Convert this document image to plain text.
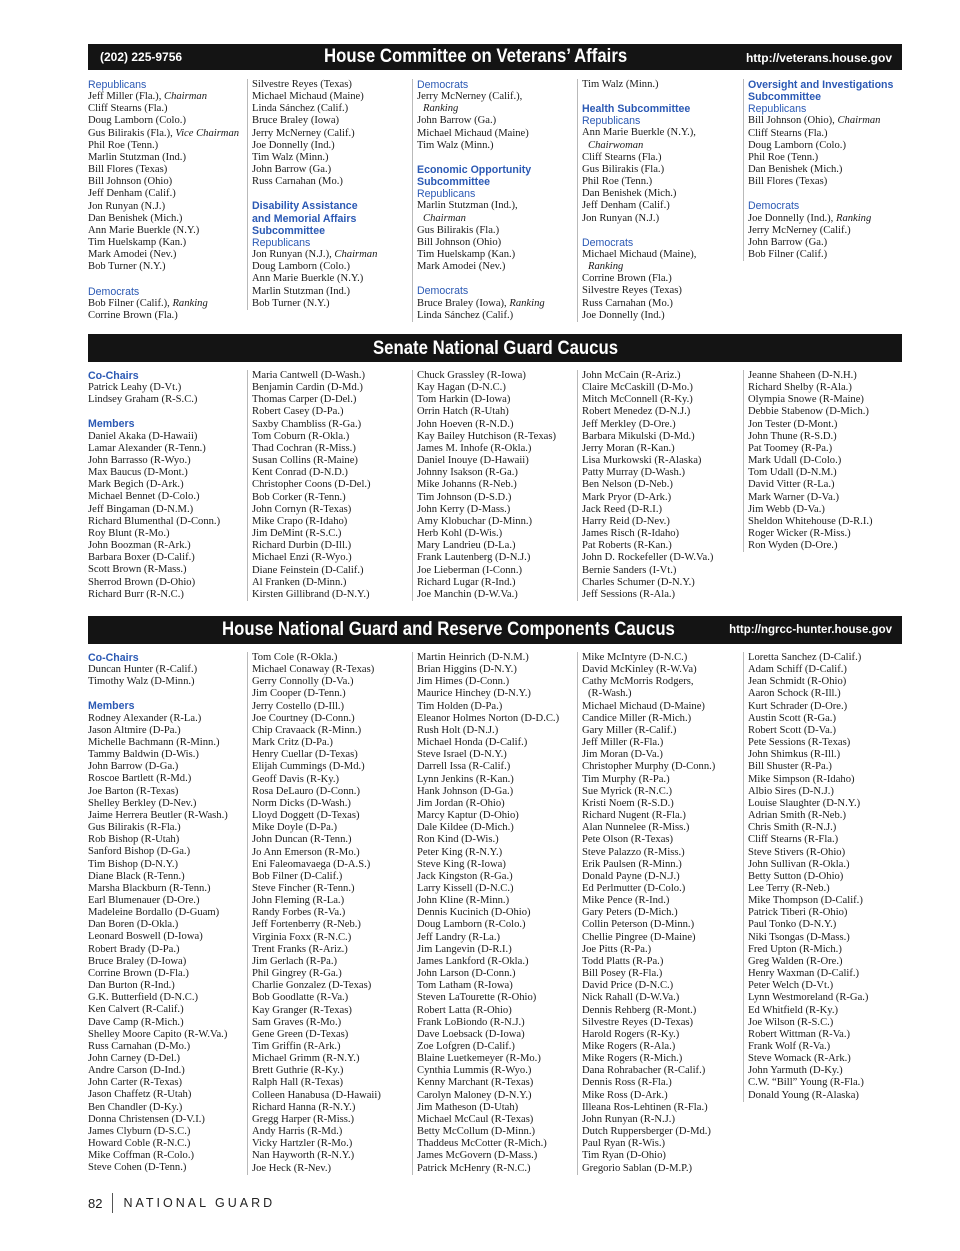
(202) 225-9756	House Committee on Veterans’ Affairs	http://veterans.house.gov
Republicans
Jeff Miller (Fla.), Chairman
Cliff Stearns (Fla.)
Doug Lamborn (Colo.)
Gus Bilirakis (Fla.), Vice Chairman
Phil Roe (Tenn.)
Marlin Stutzman (Ind.)
Bill Flores (Texas)
Bill Johnson (Ohio)
Jeff Denham (Calif.)
Jon Runyan (N.J.)
Dan Benishek (Mich.)
Ann Marie Buerkle (N.Y.)
Tim Huelskamp (Kan.)
Mark Amodei (Nev.)
Bob Turner (N.Y.)
Democrats
Bob Filner (Calif.), Ranking
Corrine Brown (Fla.)
Silvestre Reyes (Texas)
Michael Michaud (Maine)
Linda Sánchez (Calif.)
Bruce Braley (Iowa)
Jerry McNerney (Calif.)
Joe Donnelly (Ind.)
Tim Walz (Minn.)
John Barrow (Ga.)
Russ Carnahan (Mo.)
Disability Assistance
and Memorial Affairs
Subcommittee
Republicans
Jon Runyan (N.J.), Chairman
Doug Lamborn (Colo.)
Ann Marie Buerkle (N.Y.)
Marlin Stutzman (Ind.)
Bob Turner (N.Y.)
Democrats
Jerry McNerney (Calif.),
Ranking
John Barrow (Ga.)
Michael Michaud (Maine)
Tim Walz (Minn.)
Economic Opportunity
Subcommittee
Republicans
Marlin Stutzman (Ind.),
Chairman
Gus Bilirakis (Fla.)
Bill Johnson (Ohio)
Tim Huelskamp (Kan.)
Mark Amodei (Nev.)
Democrats
Bruce Braley (Iowa), Ranking
Linda Sánchez (Calif.)
Tim Walz (Minn.)
Health Subcommittee
Republicans
Ann Marie Buerkle (N.Y.),
Chairwoman
Cliff Stearns (Fla.)
Gus Bilirakis (Fla.)
Phil Roe (Tenn.)
Dan Benishek (Mich.)
Jeff Denham (Calif.)
Jon Runyan (N.J.)
Democrats
Michael Michaud (Maine),
Ranking
Corrine Brown (Fla.)
Silvestre Reyes (Texas)
Russ Carnahan (Mo.)
Joe Donnelly (Ind.)
Oversight and Investigations
Subcommittee
Republicans
Bill Johnson (Ohio), Chairman
Cliff Stearns (Fla.)
Doug Lamborn (Colo.)
Phil Roe (Tenn.)
Dan Benishek (Mich.)
Bill Flores (Texas)
Democrats
Joe Donnelly (Ind.), Ranking
Jerry McNerney (Calif.)
John Barrow (Ga.)
Bob Filner (Calif.)
Senate National Guard Caucus
Co-Chairs
Patrick Leahy (D-Vt.)
Lindsey Graham (R-S.C.)
Members
Daniel Akaka (D-Hawaii)
Lamar Alexander (R-Tenn.)
John Barrasso (R-Wyo.)
Max Baucus (D-Mont.)
Mark Begich (D-Ark.)
Michael Bennet (D-Colo.)
Jeff Bingaman (D-N.M.)
Richard Blumenthal (D-Conn.)
Roy Blunt (R-Mo.)
John Boozman (R-Ark.)
Barbara Boxer (D-Calif.)
Scott Brown (R-Mass.)
Sherrod Brown (D-Ohio)
Richard Burr (R-N.C.)
Maria Cantwell (D-Wash.)
Benjamin Cardin (D-Md.)
Thomas Carper (D-Del.)
Robert Casey (D-Pa.)
Saxby Chambliss (R-Ga.)
Tom Coburn (R-Okla.)
Thad Cochran (R-Miss.)
Susan Collins (R-Maine)
Kent Conrad (D-N.D.)
Christopher Coons (D-Del.)
Bob Corker (R-Tenn.)
John Cornyn (R-Texas)
Mike Crapo (R-Idaho)
Jim DeMint (R-S.C.)
Richard Durbin (D-Ill.)
Michael Enzi (R-Wyo.)
Diane Feinstein (D-Calif.)
Al Franken (D-Minn.)
Kirsten Gillibrand (D-N.Y.)
Chuck Grassley (R-Iowa)
Kay Hagan (D-N.C.)
Tom Harkin (D-Iowa)
Orrin Hatch (R-Utah)
John Hoeven (R-N.D.)
Kay Bailey Hutchison (R-Texas)
James M. Inhofe (R-Okla.)
Daniel Inouye (D-Hawaii)
Johnny Isakson (R-Ga.)
Mike Johanns (R-Neb.)
Tim Johnson (D-S.D.)
John Kerry (D-Mass.)
Amy Klobuchar (D-Minn.)
Herb Kohl (D-Wis.)
Mary Landrieu (D-La.)
Frank Lautenberg (D-N.J.)
Joe Lieberman (I-Conn.)
Richard Lugar (R-Ind.)
Joe Manchin (D-W.Va.)
John McCain (R-Ariz.)
Claire McCaskill (D-Mo.)
Mitch McConnell (R-Ky.)
Robert Menedez (D-N.J.)
Jeff Merkley (D-Ore.)
Barbara Mikulski (D-Md.)
Jerry Moran (R-Kan.)
Lisa Murkowski (R-Alaska)
Patty Murray (D-Wash.)
Ben Nelson (D-Neb.)
Mark Pryor (D-Ark.)
Jack Reed (D-R.I.)
Harry Reid (D-Nev.)
James Risch (R-Idaho)
Pat Roberts (R-Kan.)
John D. Rockefeller (D-W.Va.)
Bernie Sanders (I-Vt.)
Charles Schumer (D-N.Y.)
Jeff Sessions (R-Ala.)
Jeanne Shaheen (D-N.H.)
Richard Shelby (R-Ala.)
Olympia Snowe (R-Maine)
Debbie Stabenow (D-Mich.)
Jon Tester (D-Mont.)
John Thune (R-S.D.)
Pat Toomey (R-Pa.)
Mark Udall (D-Colo.)
Tom Udall (D-N.M.)
David Vitter (R-La.)
Mark Warner (D-Va.)
Jim Webb (D-Va.)
Sheldon Whitehouse (D-R.I.)
Roger Wicker (R-Miss.)
Ron Wyden (D-Ore.)
House National Guard and Reserve Components Caucus	http://ngrcc-hunter.house.gov
Co-Chairs
Duncan Hunter (R-Calif.)
Timothy Walz (D-Minn.)
Members
Rodney Alexander (R-La.)
Jason Altmire (D-Pa.)
Michelle Bachmann (R-Minn.)
Tammy Baldwin (D-Wis.)
John Barrow (D-Ga.)
Roscoe Bartlett (R-Md.)
Joe Barton (R-Texas)
Shelley Berkley (D-Nev.)
Jaime Herrera Beutler (R-Wash.)
Gus Bilirakis (R-Fla.)
Rob Bishop (R-Utah)
Sanford Bishop (D-Ga.)
Tim Bishop (D-N.Y.)
Diane Black (R-Tenn.)
Marsha Blackburn (R-Tenn.)
Earl Blumenauer (D-Ore.)
Madeleine Bordallo (D-Guam)
Dan Boren (D-Okla.)
Leonard Boswell (D-Iowa)
Robert Brady (D-Pa.)
Bruce Braley (D-Iowa)
Corrine Brown (D-Fla.)
Dan Burton (R-Ind.)
G.K. Butterfield (D-N.C.)
Ken Calvert (R-Calif.)
Dave Camp (R-Mich.)
Shelley Moore Capito (R-W.Va.)
Russ Carnahan (D-Mo.)
John Carney (D-Del.)
Andre Carson (D-Ind.)
John Carter (R-Texas)
Jason Chaffetz (R-Utah)
Ben Chandler (D-Ky.)
Donna Christensen (D-V.I.)
James Clyburn (D-S.C.)
Howard Coble (R-N.C.)
Mike Coffman (R-Colo.)
Steve Cohen (D-Tenn.)
Tom Cole (R-Okla.)
Michael Conaway (R-Texas)
Gerry Connolly (D-Va.)
Jim Cooper (D-Tenn.)
Jerry Costello (D-Ill.)
Joe Courtney (D-Conn.)
Chip Cravaack (R-Minn.)
Mark Critz (D-Pa.)
Henry Cuellar (D-Texas)
Elijah Cummings (D-Md.)
Geoff Davis (R-Ky.)
Rosa DeLauro (D-Conn.)
Norm Dicks (D-Wash.)
Lloyd Doggett (D-Texas)
Mike Doyle (D-Pa.)
John Duncan (R-Tenn.)
Jo Ann Emerson (R-Mo.)
Eni Faleomavaega (D-A.S.)
Bob Filner (D-Calif.)
Steve Fincher (R-Tenn.)
John Fleming (R-La.)
Randy Forbes (R-Va.)
Jeff Fortenberry (R-Neb.)
Virginia Foxx (R-N.C.)
Trent Franks (R-Ariz.)
Jim Gerlach (R-Pa.)
Phil Gingrey (R-Ga.)
Charlie Gonzalez (D-Texas)
Bob Goodlatte (R-Va.)
Kay Granger (R-Texas)
Sam Graves (R-Mo.)
Gene Green (D-Texas)
Tim Griffin (R-Ark.)
Michael Grimm (R-N.Y.)
Brett Guthrie (R-Ky.)
Ralph Hall (R-Texas)
Colleen Hanabusa (D-Hawaii)
Richard Hanna (R-N.Y.)
Gregg Harper (R-Miss.)
Andy Harris (R-Md.)
Vicky Hartzler (R-Mo.)
Nan Hayworth (R-N.Y.)
Joe Heck (R-Nev.)
Martin Heinrich (D-N.M.)
Brian Higgins (D-N.Y.)
Jim Himes (D-Conn.)
Maurice Hinchey (D-N.Y.)
Tim Holden (D-Pa.)
Eleanor Holmes Norton (D-D.C.)
Rush Holt (D-N.J.)
Michael Honda (D-Calif.)
Steve Israel (D-N.Y.)
Darrell Issa (R-Calif.)
Lynn Jenkins (R-Kan.)
Hank Johnson (D-Ga.)
Jim Jordan (R-Ohio)
Marcy Kaptur (D-Ohio)
Dale Kildee (D-Mich.)
Ron Kind (D-Wis.)
Peter King (R-N.Y.)
Steve King (R-Iowa)
Jack Kingston (R-Ga.)
Larry Kissell (D-N.C.)
John Kline (R-Minn.)
Dennis Kucinich (D-Ohio)
Doug Lamborn (R-Colo.)
Jeff Landry (R-La.)
Jim Langevin (D-R.I.)
James Lankford (R-Okla.)
John Larson (D-Conn.)
Tom Latham (R-Iowa)
Steven LaTourette (R-Ohio)
Robert Latta (R-Ohio)
Frank LoBiondo (R-N.J.)
Dave Loebsack (D-Iowa)
Zoe Lofgren (D-Calif.)
Blaine Luetkemeyer (R-Mo.)
Cynthia Lummis (R-Wyo.)
Kenny Marchant (R-Texas)
Carolyn Maloney (D-N.Y.)
Jim Matheson (D-Utah)
Michael McCaul (R-Texas)
Betty McCollum (D-Minn.)
Thaddeus McCotter (R-Mich.)
James McGovern (D-Mass.)
Patrick McHenry (R-N.C.)
Mike McIntyre (D-N.C.)
David McKinley (R-W.Va)
Cathy McMorris Rodgers,
(R-Wash.)
Michael Michaud (D-Maine)
Candice Miller (R-Mich.)
Gary Miller (R-Calif.)
Jeff Miller (R-Fla.)
Jim Moran (D-Va.)
Christopher Murphy (D-Conn.)
Tim Murphy (R-Pa.)
Sue Myrick (R-N.C.)
Kristi Noem (R-S.D.)
Richard Nugent (R-Fla.)
Alan Nunnelee (R-Miss.)
Pete Olson (R-Texas)
Steve Palazzo (R-Miss.)
Erik Paulsen (R-Minn.)
Donald Payne (D-N.J.)
Ed Perlmutter (D-Colo.)
Mike Pence (R-Ind.)
Gary Peters (D-Mich.)
Collin Peterson (D-Minn.)
Chellie Pingree (D-Maine)
Joe Pitts (R-Pa.)
Todd Platts (R-Pa.)
Bill Posey (R-Fla.)
David Price (D-N.C.)
Nick Rahall (D-W.Va.)
Dennis Rehberg (R-Mont.)
Silvestre Reyes (D-Texas)
Harold Rogers (R-Ky.)
Mike Rogers (R-Ala.)
Mike Rogers (R-Mich.)
Dana Rohrabacher (R-Calif.)
Dennis Ross (R-Fla.)
Mike Ross (D-Ark.)
Illeana Ros-Lehtinen (R-Fla.)
John Runyan (R-N.J.)
Dutch Ruppersberger (D-Md.)
Paul Ryan (R-Wis.)
Tim Ryan (D-Ohio)
Gregorio Sablan (D-M.P.)
Loretta Sanchez (D-Calif.)
Adam Schiff (D-Calif.)
Jean Schmidt (R-Ohio)
Aaron Schock (R-Ill.)
Kurt Schrader (D-Ore.)
Austin Scott (R-Ga.)
Robert Scott (D-Va.)
Pete Sessions (R-Texas)
John Shimkus (R-Ill.)
Bill Shuster (R-Pa.)
Mike Simpson (R-Idaho)
Albio Sires (D-N.J.)
Louise Slaughter (D-N.Y.)
Adrian Smith (R-Neb.)
Chris Smith (R-N.J.)
Cliff Stearns (R-Fla.)
Steve Stivers (R-Ohio)
John Sullivan (R-Okla.)
Betty Sutton (D-Ohio)
Lee Terry (R-Neb.)
Mike Thompson (D-Calif.)
Patrick Tiberi (R-Ohio)
Paul Tonko (D-N.Y.)
Niki Tsongas (D-Mass.)
Fred Upton (R-Mich.)
Greg Walden (R-Ore.)
Henry Waxman (D-Calif.)
Peter Welch (D-Vt.)
Lynn Westmoreland (R-Ga.)
Ed Whitfield (R-Ky.)
Joe Wilson (R-S.C.)
Robert Wittman (R-Va.)
Frank Wolf (R-Va.)
Steve Womack (R-Ark.)
John Yarmuth (D-Ky.)
C.W. “Bill” Young (R-Fla.)
Donald Young (R-Alaska)
82 NATIONAL GUARD
